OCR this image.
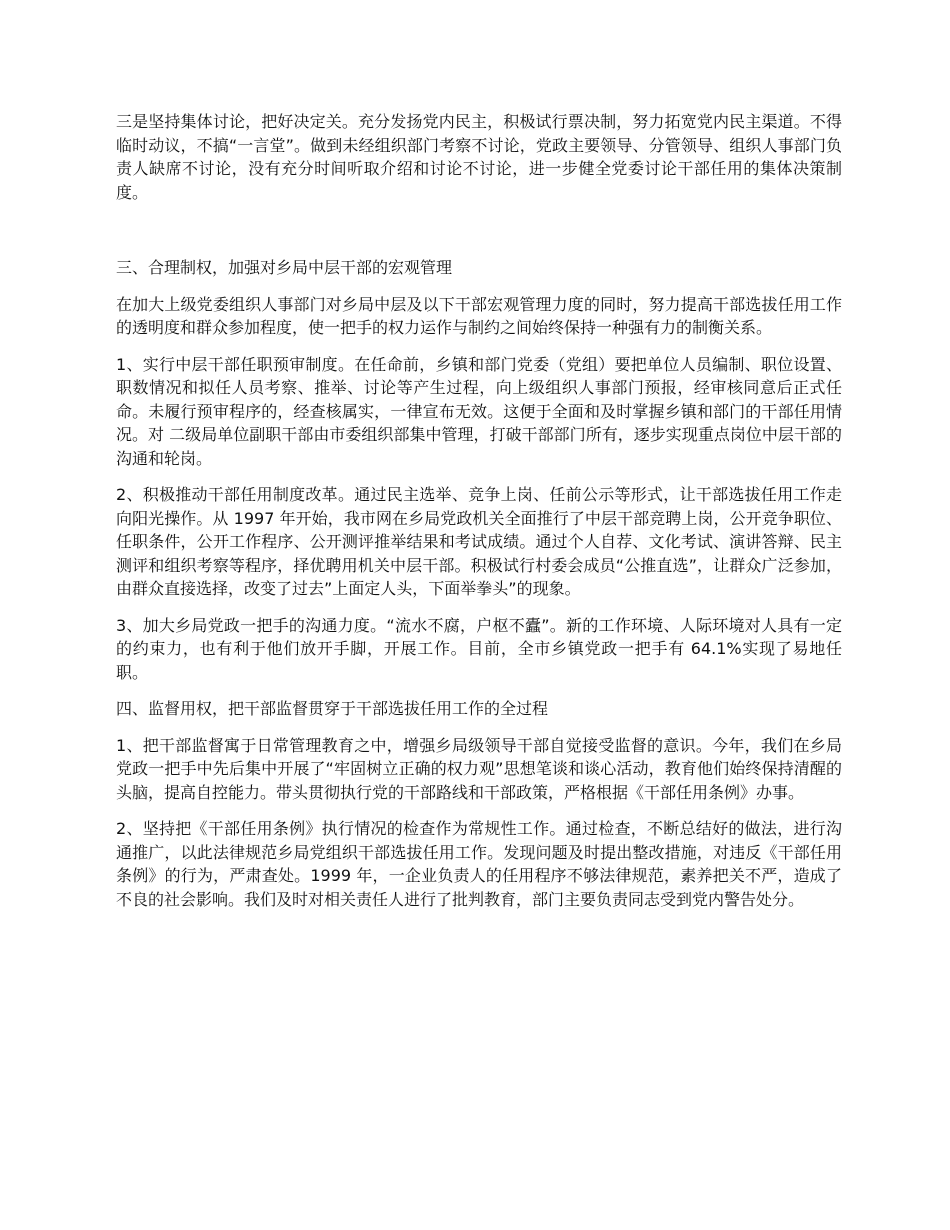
三是坚持集体讨论，把好决定关。充分发扬党内民主，积极试行票决制，努力拓宽党内民主渠道。不得临时动议，不搞“一言堂”。做到未经组织部门考察不讨论，党政主要领导、分管领导、组织人事部门负责人缺席不讨论，没有充分时间听取介绍和讨论不讨论，进一步健全党委讨论干部任用的集体决策制度。

三、合理制权，加强对乡局中层干部的宏观管理

在加大上级党委组织人事部门对乡局中层及以下干部宏观管理力度的同时，努力提高干部选拔任用工作的透明度和群众参加程度，使一把手的权力运作与制约之间始终保持一种强有力的制衡关系。

1、实行中层干部任职预审制度。在任命前，乡镇和部门党委（党组）要把单位人员编制、职位设置、职数情况和拟任人员考察、推举、讨论等产生过程，向上级组织人事部门预报，经审核同意后正式任命。未履行预审程序的，经查核属实，一律宣布无效。这便于全面和及时掌握乡镇和部门的干部任用情况。对 二级局单位副职干部由市委组织部集中管理，打破干部部门所有，逐步实现重点岗位中层干部的沟通和轮岗。

2、积极推动干部任用制度改革。通过民主选举、竞争上岗、任前公示等形式，让干部选拔任用工作走向阳光操作。从 1997 年开始，我市网在乡局党政机关全面推行了中层干部竞聘上岗，公开竞争职位、任职条件，公开工作程序、公开测评推举结果和考试成绩。通过个人自荐、文化考试、演讲答辩、民主测评和组织考察等程序，择优聘用机关中层干部。积极试行村委会成员“公推直选”，让群众广泛参加，由群众直接选择，改变了过去”上面定人头，下面举拳头”的现象。

3、加大乡局党政一把手的沟通力度。“流水不腐，户枢不蠹”。新的工作环境、人际环境对人具有一定的约束力，也有利于他们放开手脚，开展工作。目前，全市乡镇党政一把手有 64.1%实现了易地任职。

四、监督用权，把干部监督贯穿于干部选拔任用工作的全过程

1、把干部监督寓于日常管理教育之中，增强乡局级领导干部自觉接受监督的意识。今年，我们在乡局党政一把手中先后集中开展了“牢固树立正确的权力观”思想笔谈和谈心活动，教育他们始终保持清醒的头脑，提高自控能力。带头贯彻执行党的干部路线和干部政策，严格根据《干部任用条例》办事。

2、坚持把《干部任用条例》执行情况的检查作为常规性工作。通过检查，不断总结好的做法，进行沟通推广，以此法律规范乡局党组织干部选拔任用工作。发现问题及时提出整改措施，对违反《干部任用条例》的行为，严肃查处。1999 年，一企业负责人的任用程序不够法律规范，素养把关不严，造成了不良的社会影响。我们及时对相关责任人进行了批判教育，部门主要负责同志受到党内警告处分。
